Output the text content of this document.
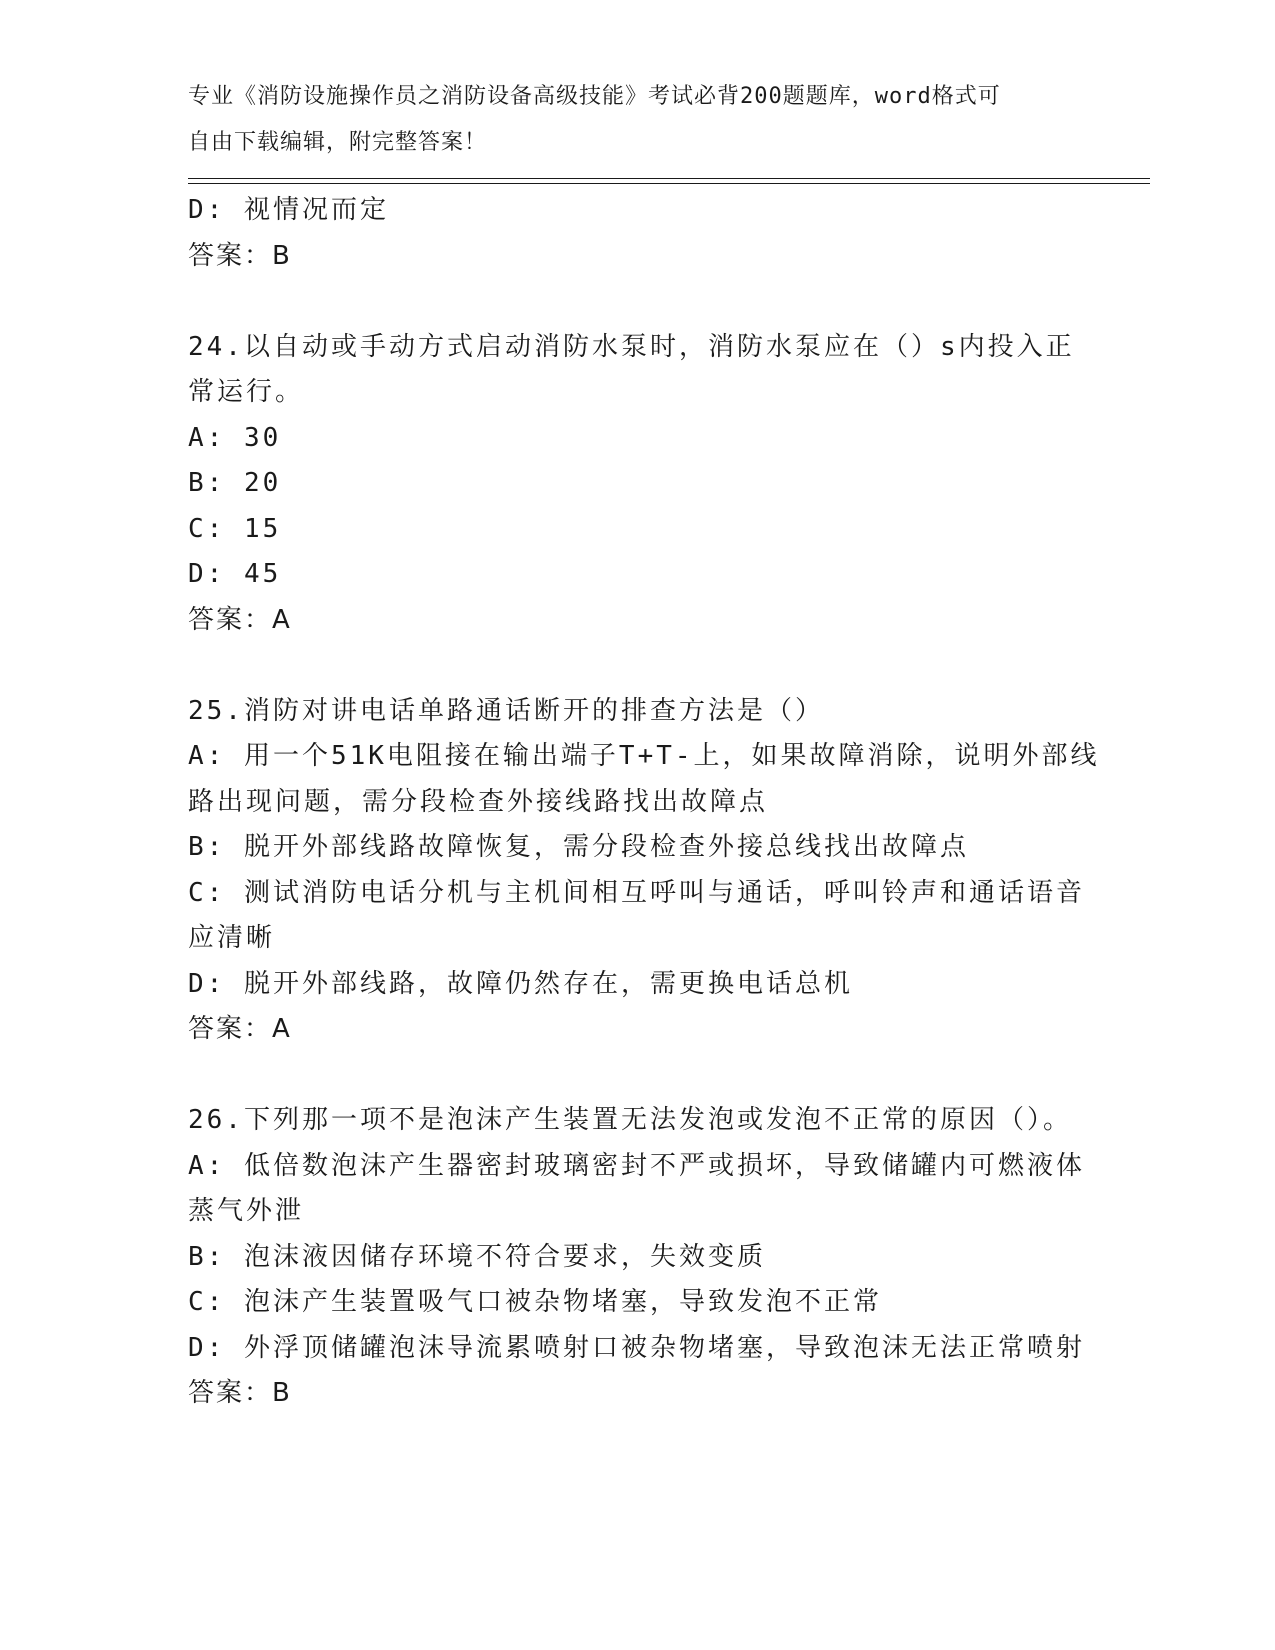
专业《消防设施操作员之消防设备高级技能》考试必背200题题库，word格式可
自由下载编辑，附完整答案！
D: 视情况而定
答案：B
24.以自动或手动方式启动消防水泵时，消防水泵应在（）s内投入正
常运行。
A: 30
B: 20
C: 15
D: 45
答案：A
25.消防对讲电话单路通话断开的排查方法是（）
A: 用一个51K电阻接在输出端子T+T-上，如果故障消除，说明外部线
路出现问题，需分段检查外接线路找出故障点
B: 脱开外部线路故障恢复，需分段检查外接总线找出故障点
C: 测试消防电话分机与主机间相互呼叫与通话，呼叫铃声和通话语音
应清晰
D: 脱开外部线路，故障仍然存在，需更换电话总机
答案：A
26.下列那一项不是泡沫产生装置无法发泡或发泡不正常的原因（）。
A: 低倍数泡沫产生器密封玻璃密封不严或损坏，导致储罐内可燃液体
蒸气外泄
B: 泡沫液因储存环境不符合要求，失效变质
C: 泡沫产生装置吸气口被杂物堵塞，导致发泡不正常
D: 外浮顶储罐泡沫导流累喷射口被杂物堵塞，导致泡沫无法正常喷射
答案：B
